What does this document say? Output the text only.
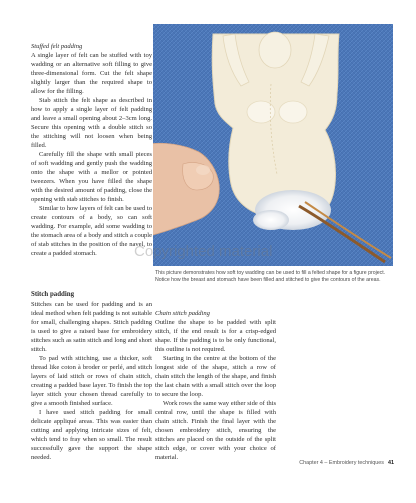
Stuffed felt padding

A single layer of felt can be stuffed with toy wadding or an alternative soft filling to give three-dimensional form. Cut the felt shape slightly larger than the required shape to allow for the filling.

Stab stitch the felt shape as described in how to apply a single layer of felt padding and leave a small opening about 2–3cm long. Secure this opening with a double stitch so the stitching will not loosen when being filled.

Carefully fill the shape with small pieces of soft wadding and gently push the wadding onto the shape with a mellor or pointed tweezers. When you have filled the shape with the desired amount of padding, close the opening with stab stitches to finish.

Similar to how layers of felt can be used to create contours of a body, so can soft wadding. For example, add some wadding to the stomach area of a body and stitch a couple of stab stitches in the position of the navel, to create a padded stomach.

This picture demonstrates how soft toy wadding can be used to fill a felted shape for a figure project. Notice how the breast and stomach have been filled and stitched to give the contours of the areas.
Copyrighted material
Stitch padding

Stitches can be used for padding and is an ideal method when felt padding is not suitable for small, challenging shapes. Stitch padding is used to give a raised base for embroidery stitches such as satin stitch and long and short stitch.

To pad with stitching, use a thicker, soft thread like coton à broder or perlé, and stitch layers of laid stitch or rows of chain stitch, creating a padded base layer. To finish the top layer stitch your chosen thread carefully to give a smooth finished surface.

I have used stitch padding for small delicate appliqué areas. This was easier than cutting and applying intricate sizes of felt, which tend to fray when so small. The result successfully gave the support the shape needed.

Chain stitch padding

Outline the shape to be padded with split stitch, if the end result is for a crisp-edged shape. If the padding is to be only functional, this outline is not required.

Starting in the centre at the bottom of the longest side of the shape, stitch a row of chain stitch the length of the shape, and finish the last chain with a small stitch over the loop to secure the loop.

Work rows the same way either side of this central row, until the shape is filled with chain stitch. Finish the final layer with the chosen embroidery stitch, ensuring the stitches are placed on the outside of the split stitch edge, or cover with your choice of material.

Chapter 4 – Embroidery techniques 41
